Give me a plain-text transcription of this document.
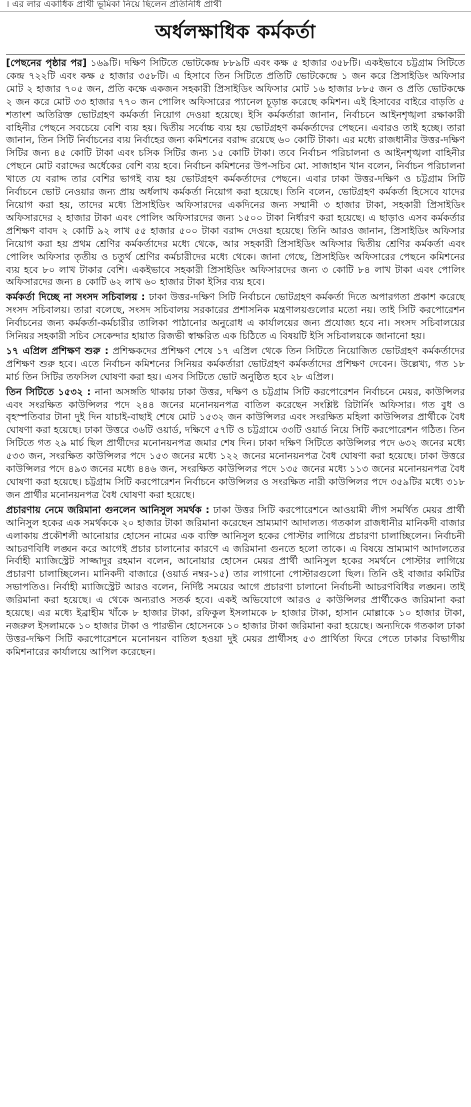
। এর লার একাধিক প্রার্থী ভূমিকা নিয়ে ছিলেন প্রতিনিধি প্রার্থী
অর্ধলক্ষাধিক কর্মকর্তা

[পেছনের পৃষ্ঠার পর] ১৬৯টি। দক্ষিণ সিটিতে ভোটকেন্দ্র ৮৮৯টি এবং কক্ষ ৫ হাজার ৩৫৮টি। একইভাবে চট্টগ্রাম সিটিতে কেন্দ্র ৭২২টি এবং কক্ষ ৫ হাজার ৩৫৮টি। এ হিসাবে তিন সিটিতে প্রতিটি ভোটকেন্দ্রে ১ জন করে প্রিসাইডিং অফিসার মোট ২ হাজার ৭০৫ জন, প্রতি কক্ষে একজন সহকারী প্রিসাইডিং অফিসার মোট ১৬ হাজার ৮৮৫ জন ও প্রতি ভোটকক্ষে ২ জন করে মোট ৩৩ হাজার ৭৭০ জন পোলিং অফিসারের প্যানেল চূড়ান্ত করেছে কমিশন। এই হিসাবের বাইরে বাড়তি ৫ শতাংশ অতিরিক্ত ভোটগ্রহণ কর্মকর্তা নিয়োগ দেওয়া হয়েছে। ইসি কর্মকর্তারা জানান, নির্বাচনে আইনশৃঙ্খলা রক্ষাকারী বাহিনীর পেছনে সবচেয়ে বেশি ব্যয় হয়। দ্বিতীয় সর্বোচ্চ ব্যয় হয় ভোটগ্রহণ কর্মকর্তাদের পেছনে। এবারও তাই হচ্ছে। তারা জানান, তিন সিটি নির্বাচনের ব্যয় নির্বাহের জন্য কমিশনের বরাদ্দ রয়েছে ৬০ কোটি টাকা। এর মধ্যে রাজধানীর উত্তর-দক্ষিণ সিটির জন্য ৪৫ কোটি টাকা এবং চসিক সিটির জন্য ১৫ কোটি টাকা। তবে নির্বাচন পরিচালনা ও আইনশৃঙ্খলা বাহিনীর পেছনে মোট বরাদ্দের অর্ধেকের বেশি ব্যয় হবে। নির্বাচন কমিশনের উপ-সচিব মো. সাজাহান খান বলেন, নির্বাচন পরিচালনা খাতে যে বরাদ্দ তার বেশির ভাগই ব্যয় হয় ভোটগ্রহণ কর্মকর্তাদের পেছনে। এবার ঢাকা উত্তর-দক্ষিণ ও চট্টগ্রাম সিটি নির্বাচনে ভোট নেওয়ার জন্য প্রায় অর্ধলাখ কর্মকর্তা নিয়োগ করা হয়েছে। তিনি বলেন, ভোটগ্রহণ কর্মকর্তা হিসেবে যাদের নিয়োগ করা হয়, তাদের মধ্যে প্রিসাইডিং অফিসারদের একদিনের জন্য সম্মানী ৩ হাজার টাকা, সহকারী প্রিসাইডিং অফিসারদের ২ হাজার টাকা এবং পোলিং অফিসারদের জন্য ১৫০০ টাকা নির্ধারণ করা হয়েছে। এ ছাড়াও এসব কর্মকর্তার প্রশিক্ষণ বাবদ ২ কোটি ৯২ লাখ ৫৫ হাজার ৫০০ টাকা বরাদ্দ দেওয়া হয়েছে। তিনি আরও জানান, প্রিসাইডিং অফিসার নিয়োগ করা হয় প্রথম শ্রেণির কর্মকর্তাদের মধ্যে থেকে, আর সহকারী প্রিসাইডিং অফিসার দ্বিতীয় শ্রেণির কর্মকর্তা এবং পোলিং অফিসার তৃতীয় ও চতুর্থ শ্রেণির কর্মচারীদের মধ্যে থেকে। জানা গেছে, প্রিসাইডিং অফিসারের পেছনে কমিশনের ব্যয় হবে ৮০ লাখ টাকার বেশি। একইভাবে সহকারী প্রিসাইডিং অফিসারদের জন্য ৩ কোটি ৮৪ লাখ টাকা এবং পোলিং অফিসারদের জন্য ৪ কোটি ৬২ লাখ ৬০ হাজার টাকা ইসির ব্যয় হবে।

কর্মকর্তা দিচ্ছে না সংসদ সচিবালয় : ঢাকা উত্তর-দক্ষিণ সিটি নির্বাচনে ভোটগ্রহণ কর্মকর্তা দিতে অপারগতা প্রকাশ করেছে সংসদ সচিবালয়। তারা বলেছে, সংসদ সচিবালয় সরকারের প্রশাসনিক মন্ত্রণালয়গুলোর মতো নয়। তাই সিটি করপোরেশন নির্বাচনের জন্য কর্মকর্তা-কর্মচারীর তালিকা পাঠানোর অনুরোধ এ কার্যালয়ের জন্য প্রযোজ্য হবে না। সংসদ সচিবালয়ের সিনিয়র সহকারী সচিব সেকেন্দার হায়াত রিজভী স্বাক্ষরিত এক চিঠিতে এ বিষয়টি ইসি সচিবালয়কে জানানো হয়।

১৭ এপ্রিল প্রশিক্ষণ শুরু : প্রশিক্ষকদের প্রশিক্ষণ শেষে ১৭ এপ্রিল থেকে তিন সিটিতে নিয়োজিত ভোটগ্রহণ কর্মকর্তাদের প্রশিক্ষণ শুরু হবে। এতে নির্বাচন কমিশনের সিনিয়র কর্মকর্তারা ভোটগ্রহণ কর্মকর্তাদের প্রশিক্ষণ দেবেন। উল্লেখ্য, গত ১৮ মার্চ তিন সিটির তফসিল ঘোষণা করা হয়। এসব সিটিতে ভোট অনুষ্ঠিত হবে ২৮ এপ্রিল।

তিন সিটিতে ১৫৩২ : নানা অসঙ্গতি থাকায় ঢাকা উত্তর, দক্ষিণ ও চট্টগ্রাম সিটি করপোরেশন নির্বাচনে মেয়র, কাউন্সিলর এবং সংরক্ষিত কাউন্সিলর পদে ২৪৪ জনের মনোনয়নপত্র বাতিল করেছেন সংশ্লিষ্ট রিটার্নিং অফিসার। গত বুধ ও বৃহস্পতিবার টানা দুই দিন যাচাই-বাছাই শেষে মোট ১৫৩২ জন কাউন্সিলর এবং সংরক্ষিত মহিলা কাউন্সিলর প্রার্থীকে বৈধ ঘোষণা করা হয়েছে। ঢাকা উত্তরে ৩৬টি ওয়ার্ড, দক্ষিণে ৫৭টি ও চট্টগ্রামে ৩৩টি ওয়ার্ড নিয়ে সিটি করপোরেশন গঠিত। তিন সিটিতে গত ২৯ মার্চ ছিল প্রার্থীদের মনোনয়নপত্র জমার শেষ দিন। ঢাকা দক্ষিণ সিটিতে কাউন্সিলর পদে ৬৩২ জনের মধ্যে ৫৩৩ জন, সংরক্ষিত কাউন্সিলর পদে ১৫৩ জনের মধ্যে ১২২ জনের মনোনয়নপত্র বৈধ ঘোষণা করা হয়েছে। ঢাকা উত্তরে কাউন্সিলর পদে ৪৯৩ জনের মধ্যে ৪৪৬ জন, সংরক্ষিত কাউন্সিলর পদে ১৩৫ জনের মধ্যে ১১৩ জনের মনোনয়নপত্র বৈধ ঘোষণা করা হয়েছে। চট্টগ্রাম সিটি করপোরেশন নির্বাচনে কাউন্সিলর ও সংরক্ষিত নারী কাউন্সিলর পদে ৩৫৯টির মধ্যে ৩১৮ জন প্রার্থীর মনোনয়নপত্র বৈধ ঘোষণা করা হয়েছে।

প্রচারণায় নেমে জরিমানা গুনলেন আনিসুল সমর্থক : ঢাকা উত্তর সিটি করপোরেশনে আওয়ামী লীগ সমর্থিত মেয়র প্রার্থী আনিসুল হকের এক সমর্থককে ২০ হাজার টাকা জরিমানা করেছেন ভ্রাম্যমাণ আদালত। গতকাল রাজধানীর মানিকদী বাজার এলাকায় প্রকৌশলী আনোয়ার হোসেন নামের এক ব্যক্তি আনিসুল হকের পোস্টার লাগিয়ে প্রচারণা চালাচ্ছিলেন। নির্বাচনী আচরণবিধি লঙ্ঘন করে আগেই প্রচার চালানোর কারণে এ জরিমানা গুনতে হলো তাকে। এ বিষয়ে ভ্রাম্যমাণ আদালতের নির্বাহী ম্যাজিস্ট্রেট সাজ্জাদুর রহমান বলেন, আনোয়ার হোসেন মেয়র প্রার্থী আনিসুল হকের সমর্থনে পোস্টার লাগিয়ে প্রচারণা চালাচ্ছিলেন। মানিকদী বাজারে (ওয়ার্ড নম্বর-১৫) তার লাগানো পোস্টারগুলো ছিল। তিনি ওই বাজার কমিটির সভাপতিও। নির্বাহী ম্যাজিস্ট্রেট আরও বলেন, নির্দিষ্ট সময়ের আগে প্রচারণা চালানো নির্বাচনী আচরণবিধির লঙ্ঘন। তাই জরিমানা করা হয়েছে। এ থেকে অন্যরাও সতর্ক হবে। একই অভিযোগে আরও ৫ কাউন্সিলর প্রার্থীকেও জরিমানা করা হয়েছে। এর মধ্যে ইব্রাহীম খাঁকে ৮ হাজার টাকা, রফিকুল ইসলামকে ৮ হাজার টাকা, হাসান মোল্লাকে ১০ হাজার টাকা, নজরুল ইসলামকে ১০ হাজার টাকা ও পারভীন হোসেনকে ১০ হাজার টাকা জরিমানা করা হয়েছে। অন্যদিকে গতকাল ঢাকা উত্তর-দক্ষিণ সিটি করপোরেশনে মনোনয়ন বাতিল হওয়া দুই মেয়র প্রার্থীসহ ৫৩ প্রার্থিতা ফিরে পেতে ঢাকার বিভাগীয় কমিশনারের কার্যালয়ে আপিল করেছেন।
